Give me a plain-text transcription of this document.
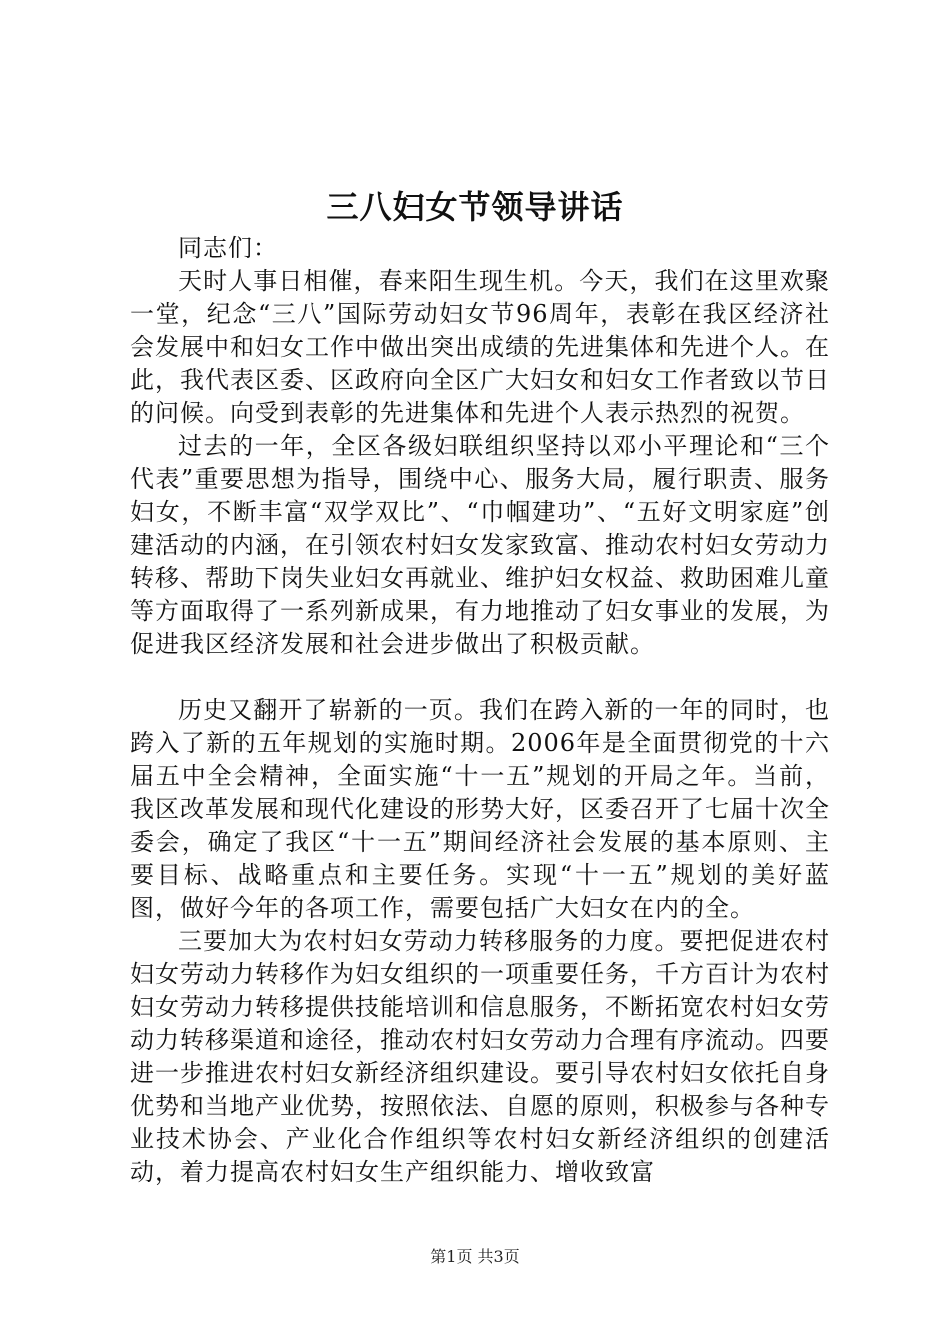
三八妇女节领导讲话

同志们：

天时人事日相催，春来阳生现生机。今天，我们在这里欢聚一堂，纪念“三八”国际劳动妇女节96周年，表彰在我区经济社会发展中和妇女工作中做出突出成绩的先进集体和先进个人。在此，我代表区委、区政府向全区广大妇女和妇女工作者致以节日的问候。向受到表彰的先进集体和先进个人表示热烈的祝贺。

过去的一年，全区各级妇联组织坚持以邓小平理论和“三个代表”重要思想为指导，围绕中心、服务大局，履行职责、服务妇女，不断丰富“双学双比”、“巾帼建功”、“五好文明家庭”创建活动的内涵，在引领农村妇女发家致富、推动农村妇女劳动力转移、帮助下岗失业妇女再就业、维护妇女权益、救助困难儿童等方面取得了一系列新成果，有力地推动了妇女事业的发展，为促进我区经济发展和社会进步做出了积极贡献。

历史又翻开了崭新的一页。我们在跨入新的一年的同时，也跨入了新的五年规划的实施时期。2006年是全面贯彻党的十六届五中全会精神，全面实施“十一五”规划的开局之年。当前，我区改革发展和现代化建设的形势大好，区委召开了七届十次全委会，确定了我区“十一五”期间经济社会发展的基本原则、主要目标、战略重点和主要任务。实现“十一五”规划的美好蓝图，做好今年的各项工作，需要包括广大妇女在内的全。

三要加大为农村妇女劳动力转移服务的力度。要把促进农村妇女劳动力转移作为妇女组织的一项重要任务，千方百计为农村妇女劳动力转移提供技能培训和信息服务，不断拓宽农村妇女劳动力转移渠道和途径，推动农村妇女劳动力合理有序流动。四要进一步推进农村妇女新经济组织建设。要引导农村妇女依托自身优势和当地产业优势，按照依法、自愿的原则，积极参与各种专业技术协会、产业化合作组织等农村妇女新经济组织的创建活动，着力提高农村妇女生产组织能力、增收致富

第1页 共3页
